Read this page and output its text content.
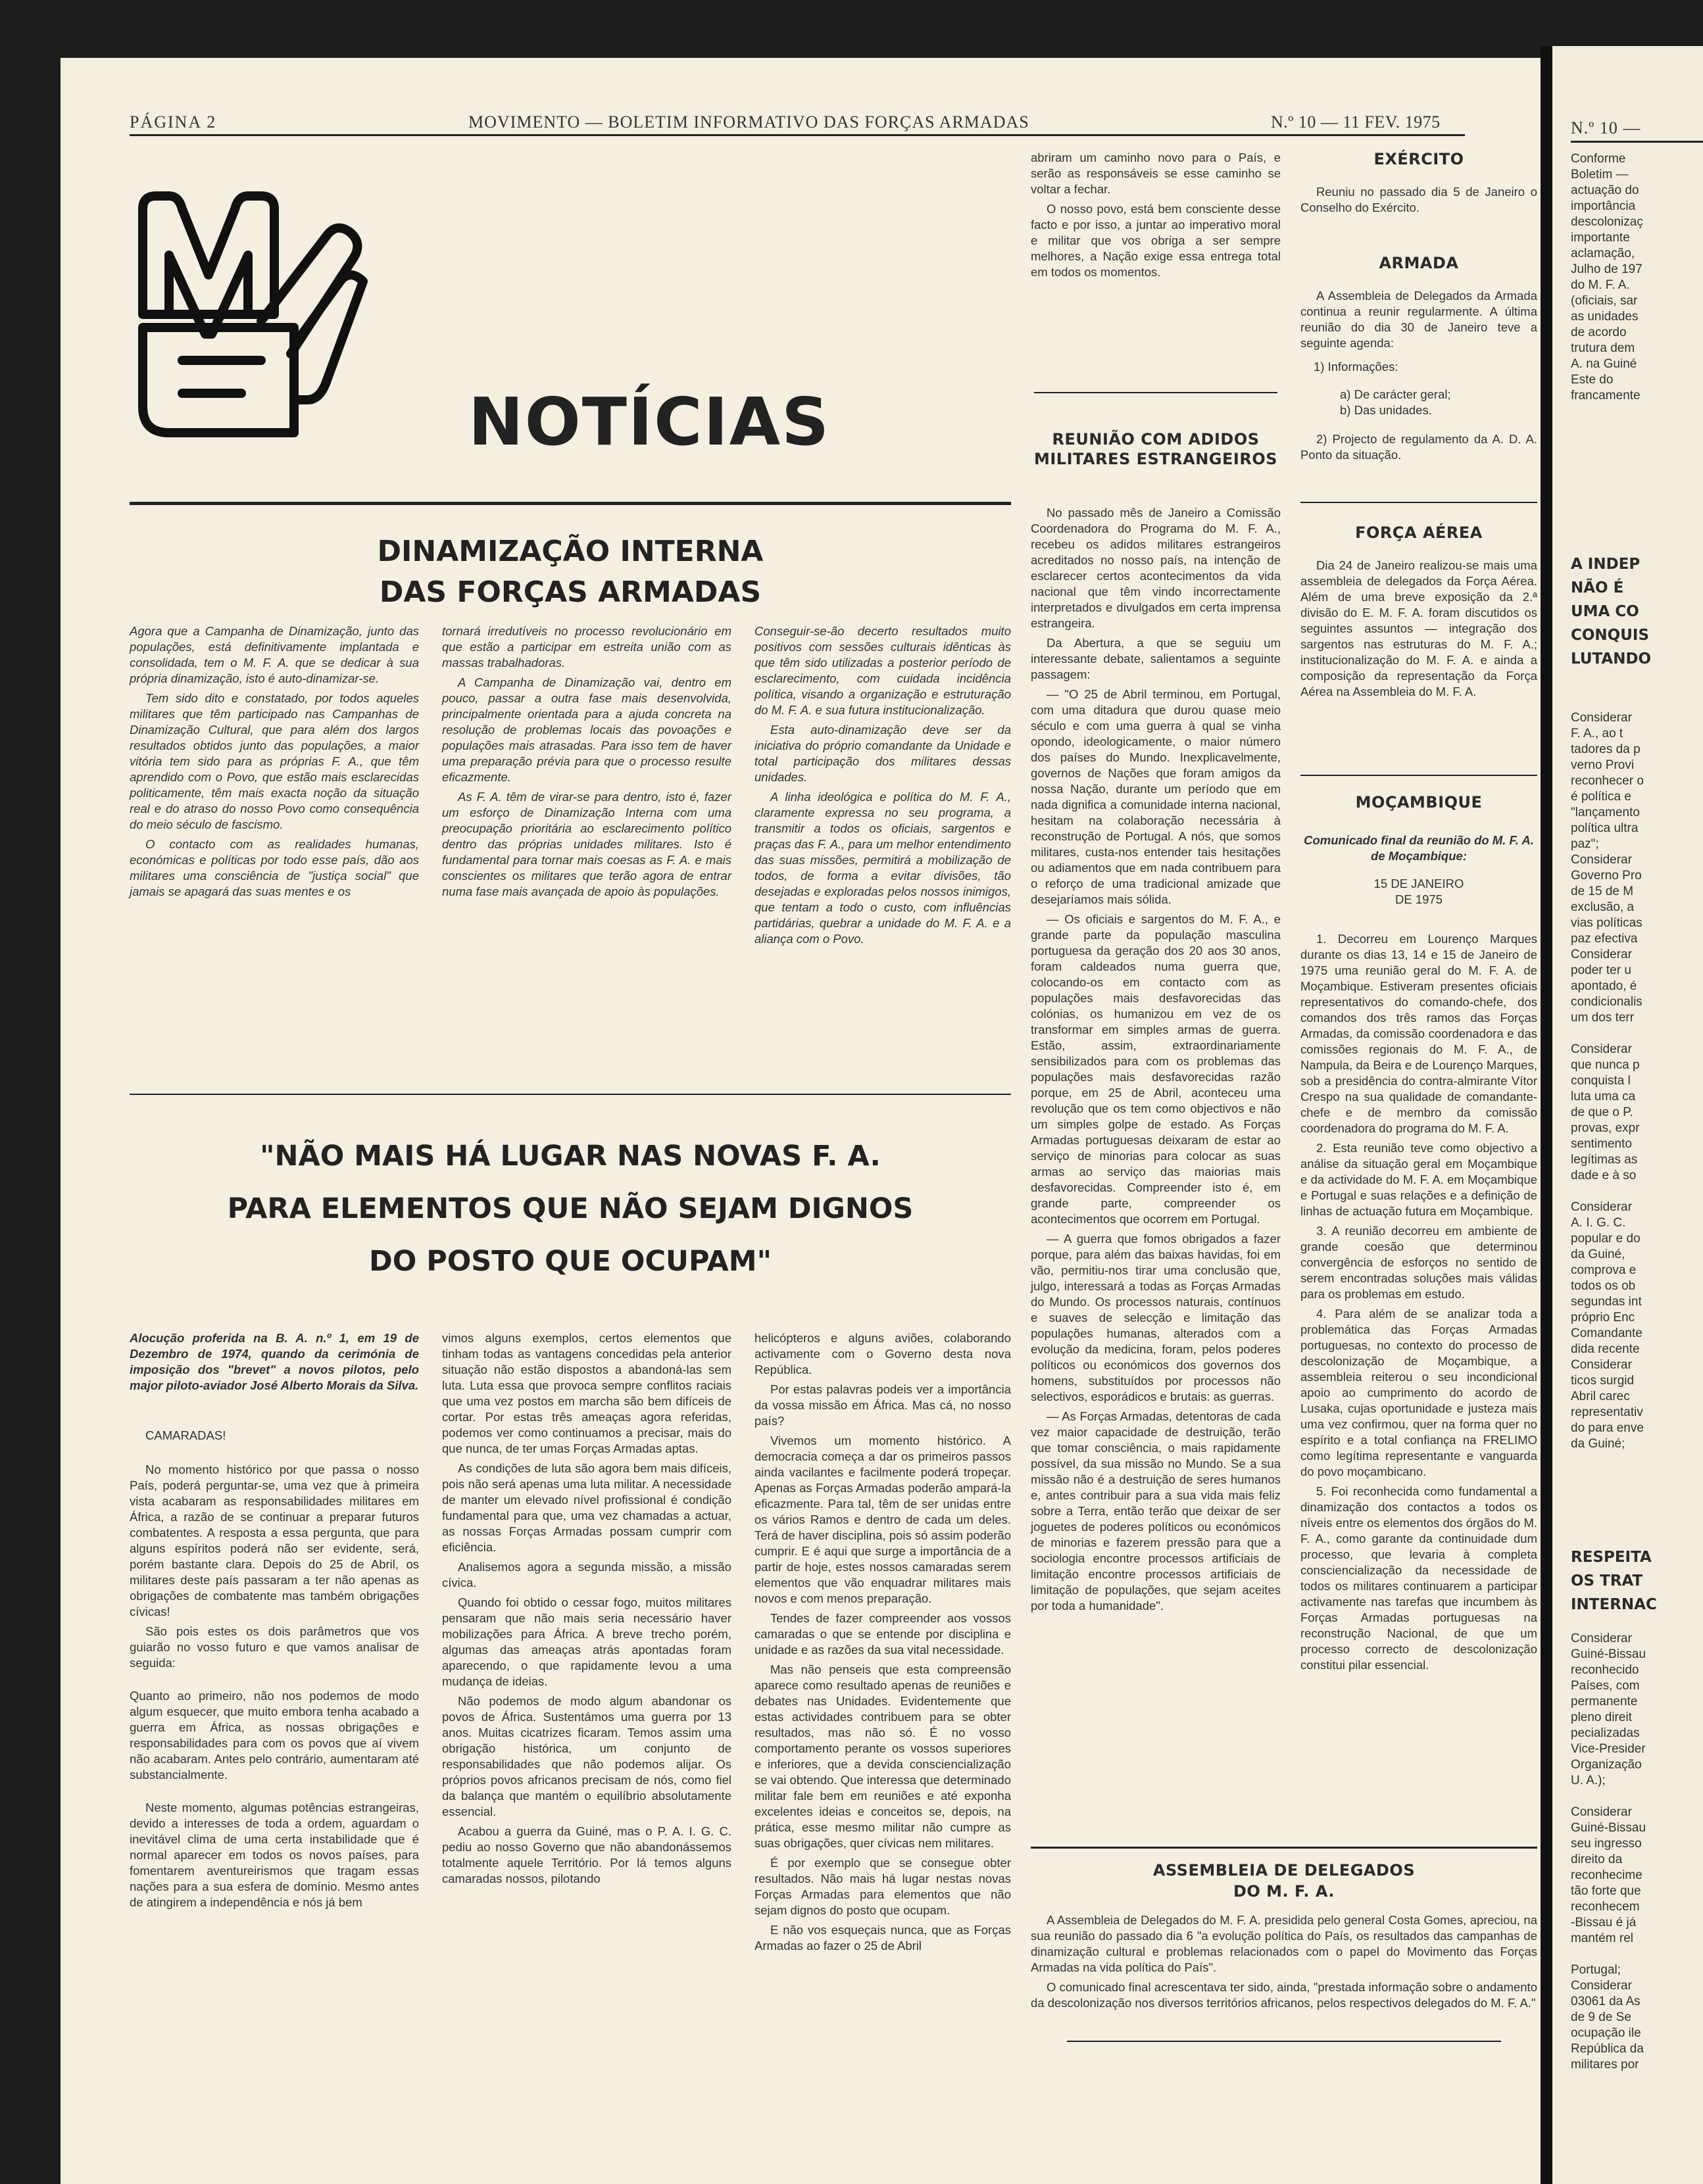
PÁGINA 2	MOVIMENTO — BOLETIM INFORMATIVO DAS FORÇAS ARMADAS	N.º 10 — 11 FEV. 1975
NOTÍCIAS
DINAMIZAÇÃO INTERNA
DAS FORÇAS ARMADAS

Agora que a Campanha de Dinamização, junto das populações, está definitivamente implantada e consolidada, tem o M. F. A. que se dedicar à sua própria dinamização, isto é auto-dinamizar-se.

Tem sido dito e constatado, por todos aqueles militares que têm participado nas Campanhas de Dinamização Cultural, que para além dos largos resultados obtidos junto das populações, a maior vitória tem sido para as próprias F. A., que têm aprendido com o Povo, que estão mais esclarecidas politicamente, têm mais exacta noção da situação real e do atraso do nosso Povo como consequência do meio século de fascismo.

O contacto com as realidades humanas, económicas e políticas por todo esse país, dão aos militares uma consciência de "justiça social" que jamais se apagará das suas mentes e os

tornará irredutíveis no processo revolucionário em que estão a participar em estreita união com as massas trabalhadoras.

A Campanha de Dinamização vai, dentro em pouco, passar a outra fase mais desenvolvida, principalmente orientada para a ajuda concreta na resolução de problemas locais das povoações e populações mais atrasadas. Para isso tem de haver uma preparação prévia para que o processo resulte eficazmente.

As F. A. têm de virar-se para dentro, isto é, fazer um esforço de Dinamização Interna com uma preocupação prioritária ao esclarecimento político dentro das próprias unidades militares. Isto é fundamental para tornar mais coesas as F. A. e mais conscientes os militares que terão agora de entrar numa fase mais avançada de apoio às populações.

Conseguir-se-ão decerto resultados muito positivos com sessões culturais idênticas às que têm sido utilizadas a posterior período de esclarecimento, com cuidada incidência política, visando a organização e estruturação do M. F. A. e sua futura institucionalização.

Esta auto-dinamização deve ser da iniciativa do próprio comandante da Unidade e total participação dos militares dessas unidades.

A linha ideológica e política do M. F. A., claramente expressa no seu programa, a transmitir a todos os oficiais, sargentos e praças das F. A., para um melhor entendimento das suas missões, permitirá a mobilização de todos, de forma a evitar divisões, tão desejadas e exploradas pelos nossos inimigos, que tentam a todo o custo, com influências partidárias, quebrar a unidade do M. F. A. e a aliança com o Povo.

"NÃO MAIS HÁ LUGAR NAS NOVAS F. A.
PARA ELEMENTOS QUE NÃO SEJAM DIGNOS
DO POSTO QUE OCUPAM"

Alocução proferida na B. A. n.º 1, em 19 de Dezembro de 1974, quando da cerimónia de imposição dos "brevet" a novos pilotos, pelo major piloto-aviador José Alberto Morais da Silva.

CAMARADAS!

No momento histórico por que passa o nosso País, poderá perguntar-se, uma vez que à primeira vista acabaram as responsabilidades militares em África, a razão de se continuar a preparar futuros combatentes. A resposta a essa pergunta, que para alguns espíritos poderá não ser evidente, será, porém bastante clara. Depois do 25 de Abril, os militares deste país passaram a ter não apenas as obrigações de combatente mas também obrigações cívicas!

São pois estes os dois parâmetros que vos guiarão no vosso futuro e que vamos analisar de seguida:

Quanto ao primeiro, não nos podemos de modo algum esquecer, que muito embora tenha acabado a guerra em África, as nossas obrigações e responsabilidades para com os povos que aí vivem não acabaram. Antes pelo contrário, aumentaram até substancialmente.

Neste momento, algumas potências estrangeiras, devido a interesses de toda a ordem, aguardam o inevitável clima de uma certa instabilidade que é normal aparecer em todos os novos países, para fomentarem aventureirismos que tragam essas nações para a sua esfera de domínio. Mesmo antes de atingirem a independência e nós já bem

vimos alguns exemplos, certos elementos que tinham todas as vantagens concedidas pela anterior situação não estão dispostos a abandoná-las sem luta. Luta essa que provoca sempre conflitos raciais que uma vez postos em marcha são bem difíceis de cortar. Por estas três ameaças agora referidas, podemos ver como continuamos a precisar, mais do que nunca, de ter umas Forças Armadas aptas.

As condições de luta são agora bem mais difíceis, pois não será apenas uma luta militar. A necessidade de manter um elevado nível profissional é condição fundamental para que, uma vez chamadas a actuar, as nossas Forças Armadas possam cumprir com eficiência.

Analisemos agora a segunda missão, a missão cívica.

Quando foi obtido o cessar fogo, muitos militares pensaram que não mais seria necessário haver mobilizações para África. A breve trecho porém, algumas das ameaças atrás apontadas foram aparecendo, o que rapidamente levou a uma mudança de ideias.

Não podemos de modo algum abandonar os povos de África. Sustentámos uma guerra por 13 anos. Muitas cicatrizes ficaram. Temos assim uma obrigação histórica, um conjunto de responsabilidades que não podemos alijar. Os próprios povos africanos precisam de nós, como fiel da balança que mantém o equilíbrio absolutamente essencial.

Acabou a guerra da Guiné, mas o P. A. I. G. C. pediu ao nosso Governo que não abandonássemos totalmente aquele Território. Por lá temos alguns camaradas nossos, pilotando

helicópteros e alguns aviões, colaborando activamente com o Governo desta nova República.

Por estas palavras podeis ver a importância da vossa missão em África. Mas cá, no nosso país?

Vivemos um momento histórico. A democracia começa a dar os primeiros passos ainda vacilantes e facilmente poderá tropeçar. Apenas as Forças Armadas poderão ampará-la eficazmente. Para tal, têm de ser unidas entre os vários Ramos e dentro de cada um deles. Terá de haver disciplina, pois só assim poderão cumprir. E é aqui que surge a importância de a partir de hoje, estes nossos camaradas serem elementos que vão enquadrar militares mais novos e com menos preparação.

Tendes de fazer compreender aos vossos camaradas o que se entende por disciplina e unidade e as razões da sua vital necessidade.

Mas não penseis que esta compreensão aparece como resultado apenas de reuniões e debates nas Unidades. Evidentemente que estas actividades contribuem para se obter resultados, mas não só. É no vosso comportamento perante os vossos superiores e inferiores, que a devida consciencialização se vai obtendo. Que interessa que determinado militar fale bem em reuniões e até exponha excelentes ideias e conceitos se, depois, na prática, esse mesmo militar não cumpre as suas obrigações, quer cívicas nem militares.

É por exemplo que se consegue obter resultados. Não mais há lugar nestas novas Forças Armadas para elementos que não sejam dignos do posto que ocupam.

E não vos esqueçais nunca, que as Forças Armadas ao fazer o 25 de Abril

abriram um caminho novo para o País, e serão as responsáveis se esse caminho se voltar a fechar.

O nosso povo, está bem consciente desse facto e por isso, a juntar ao imperativo moral e militar que vos obriga a ser sempre melhores, a Nação exige essa entrega total em todos os momentos.

REUNIÃO COM ADIDOS
MILITARES ESTRANGEIROS

No passado mês de Janeiro a Comissão Coordenadora do Programa do M. F. A., recebeu os adidos militares estrangeiros acreditados no nosso país, na intenção de esclarecer certos acontecimentos da vida nacional que têm vindo incorrectamente interpretados e divulgados em certa imprensa estrangeira.

Da Abertura, a que se seguiu um interessante debate, salientamos a seguinte passagem:

— "O 25 de Abril terminou, em Portugal, com uma ditadura que durou quase meio século e com uma guerra à qual se vinha opondo, ideologicamente, o maior número dos países do Mundo. Inexplicavelmente, governos de Nações que foram amigos da nossa Nação, durante um período que em nada dignifica a comunidade interna nacional, hesitam na colaboração necessária à reconstrução de Portugal. A nós, que somos militares, custa-nos entender tais hesitações ou adiamentos que em nada contribuem para o reforço de uma tradicional amizade que desejaríamos mais sólida.

— Os oficiais e sargentos do M. F. A., e grande parte da população masculina portuguesa da geração dos 20 aos 30 anos, foram caldeados numa guerra que, colocando-os em contacto com as populações mais desfavorecidas das colónias, os humanizou em vez de os transformar em simples armas de guerra. Estão, assim, extraordinariamente sensibilizados para com os problemas das populações mais desfavorecidas razão porque, em 25 de Abril, aconteceu uma revolução que os tem como objectivos e não um simples golpe de estado. As Forças Armadas portuguesas deixaram de estar ao serviço de minorias para colocar as suas armas ao serviço das maiorias mais desfavorecidas. Compreender isto é, em grande parte, compreender os acontecimentos que ocorrem em Portugal.

— A guerra que fomos obrigados a fazer porque, para além das baixas havidas, foi em vão, permitiu-nos tirar uma conclusão que, julgo, interessará a todas as Forças Armadas do Mundo. Os processos naturais, contínuos e suaves de selecção e limitação das populações humanas, alterados com a evolução da medicina, foram, pelos poderes políticos ou económicos dos governos dos homens, substituídos por processos não selectivos, esporádicos e brutais: as guerras.

— As Forças Armadas, detentoras de cada vez maior capacidade de destruição, terão que tomar consciência, o mais rapidamente possível, da sua missão no Mundo. Se a sua missão não é a destruição de seres humanos e, antes contribuir para a sua vida mais feliz sobre a Terra, então terão que deixar de ser joguetes de poderes políticos ou económicos de minorias e fazerem pressão para que a sociologia encontre processos artificiais de limitação encontre processos artificiais de limitação de populações, que sejam aceites por toda a humanidade".

EXÉRCITO

Reuniu no passado dia 5 de Janeiro o Conselho do Exército.

ARMADA

A Assembleia de Delegados da Armada continua a reunir regularmente. A última reunião do dia 30 de Janeiro teve a seguinte agenda:

1) Informações:
a) De carácter geral;
b) Das unidades.

2) Projecto de regulamento da A. D. A. Ponto da situação.

FORÇA AÉREA

Dia 24 de Janeiro realizou-se mais uma assembleia de delegados da Força Aérea. Além de uma breve exposição da 2.ª divisão do E. M. F. A. foram discutidos os seguintes assuntos — integração dos sargentos nas estruturas do M. F. A.; institucionalização do M. F. A. e ainda a composição da representação da Força Aérea na Assembleia do M. F. A.

MOÇAMBIQUE

Comunicado final da reunião do M. F. A. de Moçambique:

15 DE JANEIRO
DE 1975

1. Decorreu em Lourenço Marques durante os dias 13, 14 e 15 de Janeiro de 1975 uma reunião geral do M. F. A. de Moçambique. Estiveram presentes oficiais representativos do comando-chefe, dos comandos dos três ramos das Forças Armadas, da comissão coordenadora e das comissões regionais do M. F. A., de Nampula, da Beira e de Lourenço Marques, sob a presidência do contra-almirante Vítor Crespo na sua qualidade de comandante-chefe e de membro da comissão coordenadora do programa do M. F. A.

2. Esta reunião teve como objectivo a análise da situação geral em Moçambique e da actividade do M. F. A. em Moçambique e Portugal e suas relações e a definição de linhas de actuação futura em Moçambique.

3. A reunião decorreu em ambiente de grande coesão que determinou convergência de esforços no sentido de serem encontradas soluções mais válidas para os problemas em estudo.

4. Para além de se analizar toda a problemática das Forças Armadas portuguesas, no contexto do processo de descolonização de Moçambique, a assembleia reiterou o seu incondicional apoio ao cumprimento do acordo de Lusaka, cujas oportunidade e justeza mais uma vez confirmou, quer na forma quer no espírito e a total confiança na FRELIMO como legítima representante e vanguarda do povo moçambicano.

5. Foi reconhecida como fundamental a dinamização dos contactos a todos os níveis entre os elementos dos órgãos do M. F. A., como garante da continuidade dum processo, que levaria à completa consciencialização da necessidade de todos os militares continuarem a participar activamente nas tarefas que incumbem às Forças Armadas portuguesas na reconstrução Nacional, de que um processo correcto de descolonização constitui pilar essencial.

ASSEMBLEIA DE DELEGADOS
DO M. F. A.

A Assembleia de Delegados do M. F. A. presidida pelo general Costa Gomes, apreciou, na sua reunião do passado dia 6 "a evolução política do País, os resultados das campanhas de dinamização cultural e problemas relacionados com o papel do Movimento das Forças Armadas na vida política do País".

O comunicado final acrescentava ter sido, ainda, "prestada informação sobre o andamento da descolonização nos diversos territórios africanos, pelos respectivos delegados do M. F. A."

N.º 10 —
Conforme
Boletim —
actuação do
importância
descolonizaç
importante
aclamação,
Julho de 197
do M. F. A.
(oficiais, sar
as unidades
de acordo
trutura dem
A. na Guiné
Este do
francamente
A INDEP
NÃO É
UMA CO
CONQUIS
LUTANDO
Considerar
F. A., ao t
tadores da p
verno Provi
reconhecer o
é política e
"lançamento
política ultra
paz";
Considerar
Governo Pro
de 15 de M
exclusão, a
vias políticas
paz efectiva
Considerar
poder ter u
apontado, é
condicionalis
um dos terr

Considerar
que nunca p
conquista l
luta uma ca
de que o P.
provas, expr
sentimento
legítimas as
dade e à so

Considerar
A. I. G. C.
popular e do
da Guiné,
comprova e
todos os ob
segundas int
próprio Enc
Comandante
dida recente
Considerar
ticos surgid
Abril carec
representativ
do para enve
da Guiné;
RESPEITA
OS TRAT
INTERNAC
Considerar
Guiné-Bissau
reconhecido
Países, com
permanente
pleno direit
pecializadas
Vice-Presider
Organização
U. A.);

Considerar
Guiné-Bissau
seu ingresso
direito da
reconhecime
tão forte que
reconhecem
-Bissau é já
mantém rel

Portugal;
Considerar
03061 da As
de 9 de Se
ocupação ile
República da
militares por
